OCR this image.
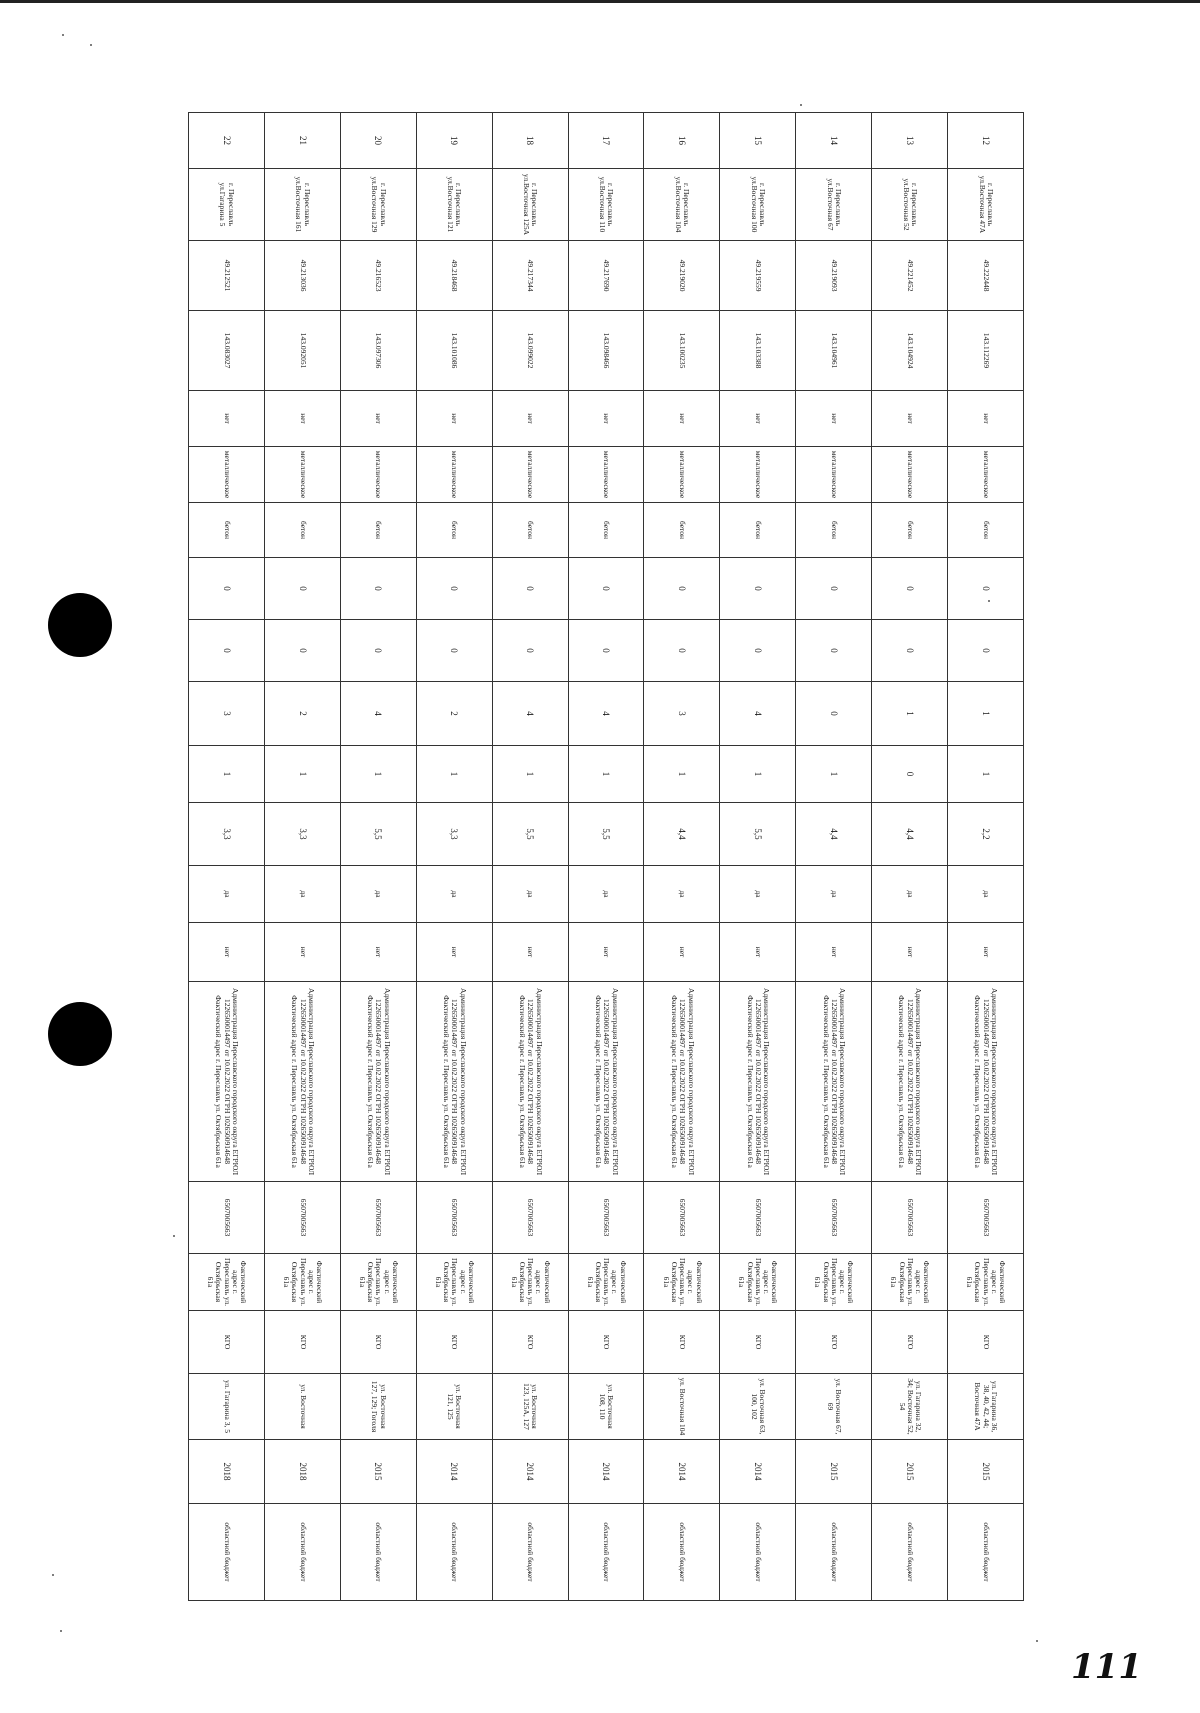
12	г. Переславль ул.Восточная 47А	49.222448	143.112269	нет	металлическое	бетон	0	0	1	1	2,2	да	нет	Администрация Переславского городского округа ЕГРЮЛ 1226500014497 от 10.02.2022 ОГРН 1026500914648 Фактический адрес г. Переславль ул. Октябрьская 61а	6507005663	Фактический адрес г. Переславль ул. Октябрьская 61а	КГО	ул. Гагарина 36, 38, 40, 42, 44; Восточная 47А	2015	областной бюджет
13	г. Переславль ул.Восточная 52	49.221452	143.104924	нет	металлическое	бетон	0	0	1	0	4,4	да	нет	Администрация Переславского городского округа ЕГРЮЛ 1226500014497 от 10.02.2022 ОГРН 1026500914648 Фактический адрес г. Переславль ул. Октябрьская 61а	6507005663	Фактический адрес г. Переславль ул. Октябрьская 61а	КГО	ул. Гагарина 32, 34; Восточная 52, 54	2015	областной бюджет
14	г. Переславль ул.Восточная 67	49.219093	143.104961	нет	металлическое	бетон	0	0	0	1	4,4	да	нет	Администрация Переславского городского округа ЕГРЮЛ 1226500014497 от 10.02.2022 ОГРН 1026500914648 Фактический адрес г. Переславль ул. Октябрьская 61а	6507005663	Фактический адрес г. Переславль ул. Октябрьская 61а	КГО	ул. Восточная 67, 69	2015	областной бюджет
15	г. Переславль ул.Восточная 100	49.219559	143.103388	нет	металлическое	бетон	0	0	4	1	5,5	да	нет	Администрация Переславского городского округа ЕГРЮЛ 1226500014497 от 10.02.2022 ОГРН 1026500914648 Фактический адрес г. Переславль ул. Октябрьская 61а	6507005663	Фактический адрес г. Переславль ул. Октябрьская 61а	КГО	ул. Восточная 63, 100, 102	2014	областной бюджет
16	г. Переславль ул.Восточная 104	49.219020	143.100235	нет	металлическое	бетон	0	0	3	1	4,4	да	нет	Администрация Переславского городского округа ЕГРЮЛ 1226500014497 от 10.02.2022 ОГРН 1026500914648 Фактический адрес г. Переславль ул. Октябрьская 61а	6507005663	Фактический адрес г. Переславль ул. Октябрьская 61а	КГО	ул. Восточная 104	2014	областной бюджет
17	г. Переславль ул.Восточная 110	49.217690	143.098466	нет	металлическое	бетон	0	0	4	1	5,5	да	нет	Администрация Переславского городского округа ЕГРЮЛ 1226500014497 от 10.02.2022 ОГРН 1026500914648 Фактический адрес г. Переславль ул. Октябрьская 61а	6507005663	Фактический адрес г. Переславль ул. Октябрьская 61а	КГО	ул. Восточная 108, 110	2014	областной бюджет
18	г. Переславль ул.Восточная 125А	49.217344	143.099022	нет	металлическое	бетон	0	0	4	1	5,5	да	нет	Администрация Переславского городского округа ЕГРЮЛ 1226500014497 от 10.02.2022 ОГРН 1026500914648 Фактический адрес г. Переславль ул. Октябрьская 61а	6507005663	Фактический адрес г. Переславль ул. Октябрьская 61а	КГО	ул. Восточная 123, 125А, 127	2014	областной бюджет
19	г. Переславль ул.Восточная 121	49.218468	143.101086	нет	металлическое	бетон	0	0	2	1	3,3	да	нет	Администрация Переславского городского округа ЕГРЮЛ 1226500014497 от 10.02.2022 ОГРН 1026500914648 Фактический адрес г. Переславль ул. Октябрьская 61а	6507005663	Фактический адрес г. Переславль ул. Октябрьская 61а	КГО	ул. Восточная 121, 125	2014	областной бюджет
20	г. Переславль ул.Восточная 129	49.216523	143.097306	нет	металлическое	бетон	0	0	4	1	5,5	да	нет	Администрация Переславского городского округа ЕГРЮЛ 1226500014497 от 10.02.2022 ОГРН 1026500914648 Фактический адрес г. Переславль ул. Октябрьская 61а	6507005663	Фактический адрес г. Переславль ул. Октябрьская 61а	КГО	ул. Восточная 127, 129; Гоголя	2015	областной бюджет
21	г. Переславль ул.Восточная 161	49.213036	143.092051	нет	металлическое	бетон	0	0	2	1	3,3	да	нет	Администрация Переславского городского округа ЕГРЮЛ 1226500014497 от 10.02.2022 ОГРН 1026500914648 Фактический адрес г. Переславль ул. Октябрьская 61а	6507005663	Фактический адрес г. Переславль ул. Октябрьская 61а	КГО	ул. Восточная	2018	областной бюджет
22	г. Переславль ул.Гагарина 5	49.212521	143.083027	нет	металлическое	бетон	0	0	3	1	3,3	да	нет	Администрация Переславского городского округа ЕГРЮЛ 1226500014497 от 10.02.2022 ОГРН 1026500914648 Фактический адрес г. Переславль ул. Октябрьская 61а	6507005663	Фактический адрес г. Переславль ул. Октябрьская 61а	КГО	ул. Гагарина 3, 5	2018	областной бюджет
111
